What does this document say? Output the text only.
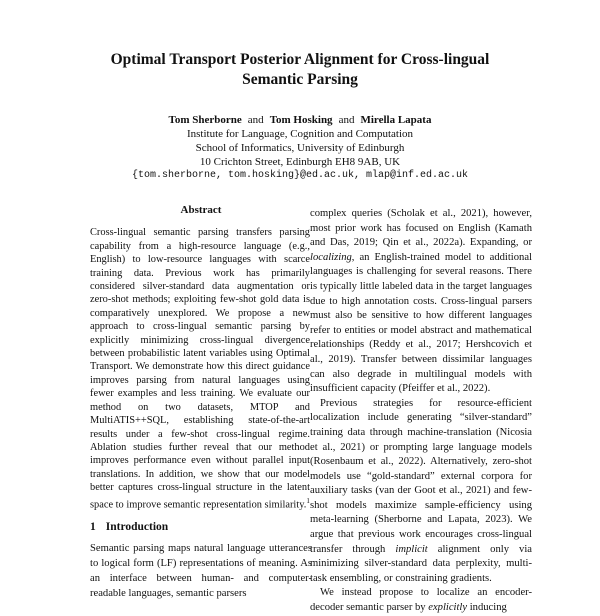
Optimal Transport Posterior Alignment for Cross-lingual
Semantic Parsing
Tom Sherborne and Tom Hosking and Mirella Lapata
Institute for Language, Cognition and Computation
School of Informatics, University of Edinburgh
10 Crichton Street, Edinburgh EH8 9AB, UK
{tom.sherborne, tom.hosking}@ed.ac.uk, mlap@inf.ed.ac.uk
Abstract

Cross-lingual semantic parsing transfers parsing capability from a high-resource language (e.g., English) to low-resource languages with scarce training data. Previous work has primarily considered silver-standard data augmentation or zero-shot methods; exploiting few-shot gold data is comparatively unexplored. We propose a new approach to cross-lingual semantic parsing by explicitly minimizing cross-lingual divergence between probabilistic latent variables using Optimal Transport. We demonstrate how this direct guidance improves parsing from natural languages using fewer examples and less training. We evaluate our method on two datasets, MTOP and MultiATIS++SQL, establishing state-of-the-art results under a few-shot cross-lingual regime. Ablation studies further reveal that our method improves performance even without parallel input translations. In addition, we show that our model better captures cross-lingual structure in the latent space to improve semantic representation similarity.$^1$

1 Introduction

Semantic parsing maps natural language utterances to logical form (LF) representations of meaning. As an interface between human- and computer-readable languages, semantic parsers

complex queries (Scholak et al., 2021), however, most prior work has focused on English (Kamath and Das, 2019; Qin et al., 2022a). Expanding, or localizing, an English-trained model to additional languages is challenging for several reasons. There is typically little labeled data in the target languages due to high annotation costs. Cross-lingual parsers must also be sensitive to how different languages refer to entities or model abstract and mathematical relationships (Reddy et al., 2017; Hershcovich et al., 2019). Transfer between dissimilar languages can also degrade in multilingual models with insufficient capacity (Pfeiffer et al., 2022).

Previous strategies for resource-efficient localization include generating “silver-standard” training data through machine-translation (Nicosia et al., 2021) or prompting large language models (Rosenbaum et al., 2022). Alternatively, zero-shot models use “gold-standard” external corpora for auxiliary tasks (van der Goot et al., 2021) and few-shot models maximize sample-efficiency using meta-learning (Sherborne and Lapata, 2023). We argue that previous work encourages cross-lingual transfer through implicit alignment only via minimizing silver-standard data perplexity, multi-task ensembling, or constraining gradients.

We instead propose to localize an encoder-decoder semantic parser by explicitly inducing
